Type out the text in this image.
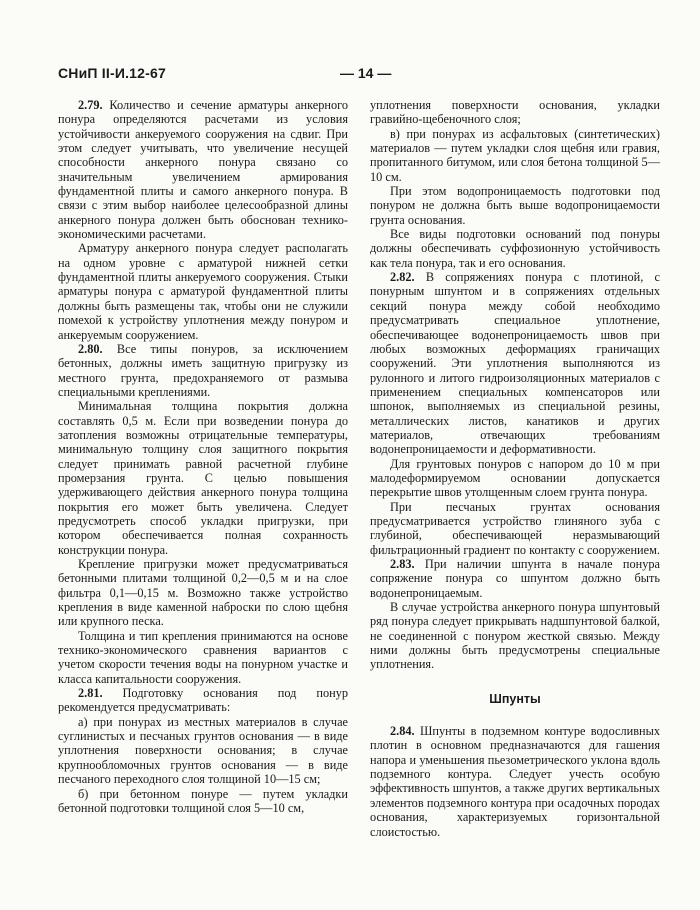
СНиП II-И.12-67	— 14 —

2.79. Количество и сечение арматуры анкерного понура определяются расчетами из условия устойчивости анкеруемого сооружения на сдвиг. При этом следует учитывать, что увеличение несущей способности анкерного понура связано со значительным увеличением армирования фундаментной плиты и самого анкерного понура. В связи с этим выбор наиболее целесообразной длины анкерного понура должен быть обоснован технико-экономическими расчетами.

Арматуру анкерного понура следует располагать на одном уровне с арматурой нижней сетки фундаментной плиты анкеруемого сооружения. Стыки арматуры понура с арматурой фундаментной плиты должны быть размещены так, чтобы они не служили помехой к устройству уплотнения между понуром и анкеруемым сооружением.

2.80. Все типы понуров, за исключением бетонных, должны иметь защитную пригрузку из местного грунта, предохраняемого от размыва специальными креплениями.

Минимальная толщина покрытия должна составлять 0,5 м. Если при возведении понура до затопления возможны отрицательные температуры, минимальную толщину слоя защитного покрытия следует принимать равной расчетной глубине промерзания грунта. С целью повышения удерживающего действия анкерного понура толщина покрытия его может быть увеличена. Следует предусмотреть способ укладки пригрузки, при котором обеспечивается полная сохранность конструкции понура.

Крепление пригрузки может предусматриваться бетонными плитами толщиной 0,2—0,5 м и на слое фильтра 0,1—0,15 м. Возможно также устройство крепления в виде каменной наброски по слою щебня или крупного песка.

Толщина и тип крепления принимаются на основе технико-экономического сравнения вариантов с учетом скорости течения воды на понурном участке и класса капитальности сооружения.

2.81. Подготовку основания под понур рекомендуется предусматривать:

а) при понурах из местных материалов в случае суглинистых и песчаных грунтов основания — в виде уплотнения поверхности основания; в случае крупнообломочных грунтов основания — в виде песчаного переходного слоя толщиной 10—15 см;

б) при бетонном понуре — путем укладки бетонной подготовки толщиной слоя 5—10 см,

уплотнения поверхности основания, укладки гравийно-щебеночного слоя;

в) при понурах из асфальтовых (синтетических) материалов — путем укладки слоя щебня или гравия, пропитанного битумом, или слоя бетона толщиной 5—10 см.

При этом водопроницаемость подготовки под понуром не должна быть выше водопроницаемости грунта основания.

Все виды подготовки оснований под понуры должны обеспечивать суффозионную устойчивость как тела понура, так и его основания.

2.82. В сопряжениях понура с плотиной, с понурным шпунтом и в сопряжениях отдельных секций понура между собой необходимо предусматривать специальное уплотнение, обеспечивающее водонепроницаемость швов при любых возможных деформациях граничащих сооружений. Эти уплотнения выполняются из рулонного и литого гидроизоляционных материалов с применением специальных компенсаторов или шпонок, выполняемых из специальной резины, металлических листов, канатиков и других материалов, отвечающих требованиям водонепроницаемости и деформативности.

Для грунтовых понуров с напором до 10 м при малодеформируемом основании допускается перекрытие швов утолщенным слоем грунта понура.

При песчаных грунтах основания предусматривается устройство глиняного зуба с глубиной, обеспечивающей неразмывающий фильтрационный градиент по контакту с сооружением.

2.83. При наличии шпунта в начале понура сопряжение понура со шпунтом должно быть водонепроницаемым.

В случае устройства анкерного понура шпунтовый ряд понура следует прикрывать надшпунтовой балкой, не соединенной с понуром жесткой связью. Между ними должны быть предусмотрены специальные уплотнения.

Шпунты

2.84. Шпунты в подземном контуре водосливных плотин в основном предназначаются для гашения напора и уменьшения пьезометрического уклона вдоль подземного контура. Следует учесть особую эффективность шпунтов, а также других вертикальных элементов подземного контура при осадочных породах основания, характеризуемых горизонтальной слоистостью.
